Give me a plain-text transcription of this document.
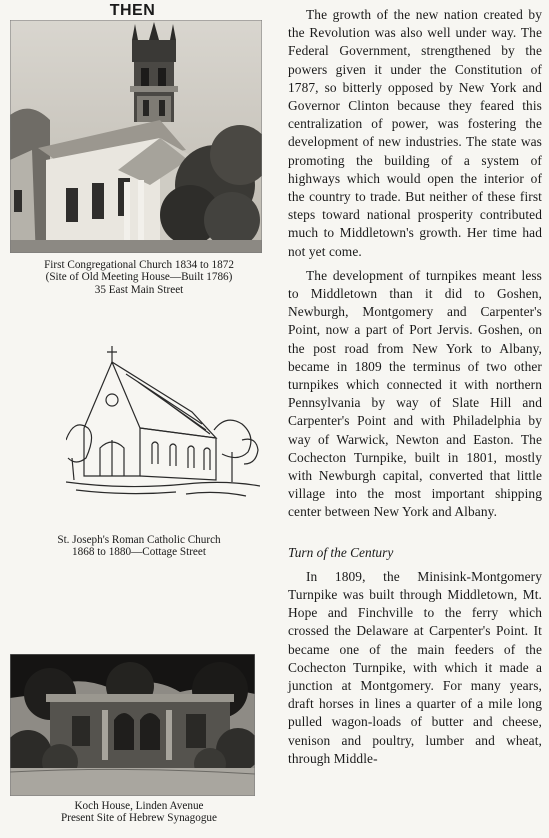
THEN
First Congregational Church 1834 to 1872
(Site of Old Meeting House—Built 1786)
35 East Main Street
St. Joseph's Roman Catholic Church
1868 to 1880—Cottage Street
Koch House, Linden Avenue
Present Site of Hebrew Synagogue

The growth of the new nation created by the Revolution was also well under way. The Federal Government, strengthened by the powers given it under the Constitution of 1787, so bitterly opposed by New York and Governor Clinton because they feared this centralization of power, was fostering the development of new industries. The state was promoting the building of a system of highways which would open the interior of the country to trade. But neither of these first steps toward national prosperity contributed much to Middletown's growth. Her time had not yet come.

The development of turnpikes meant less to Middletown than it did to Goshen, Newburgh, Montgomery and Carpenter's Point, now a part of Port Jervis. Goshen, on the post road from New York to Albany, became in 1809 the terminus of two other turnpikes which connected it with northern Pennsylvania by way of Slate Hill and Carpenter's Point and with Philadelphia by way of Warwick, Newton and Easton. The Cochecton Turnpike, built in 1801, mostly with Newburgh capital, converted that little village into the most important shipping center between New York and Albany.

Turn of the Century

In 1809, the Minisink-Montgomery Turnpike was built through Middletown, Mt. Hope and Finchville to the ferry which crossed the Delaware at Carpenter's Point. It became one of the main feeders of the Cochecton Turnpike, with which it made a junction at Montgomery. For many years, draft horses in lines a quarter of a mile long pulled wagon-loads of butter and cheese, venison and poultry, lumber and wheat, through Middle-
